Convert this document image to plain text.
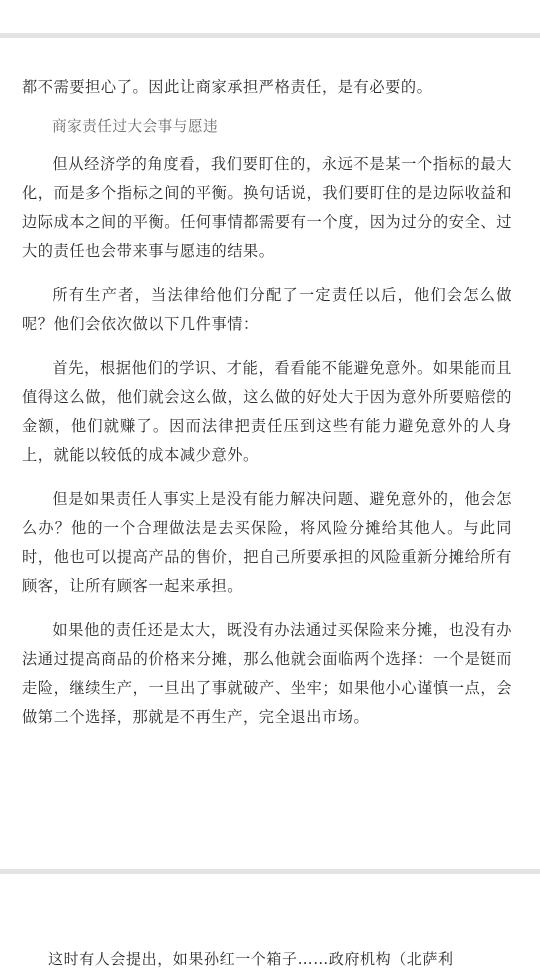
都不需要担心了。因此让商家承担严格责任，是有必要的。

商家责任过大会事与愿违

但从经济学的角度看，我们要盯住的，永远不是某一个指标的最大化，而是多个指标之间的平衡。换句话说，我们要盯住的是边际收益和边际成本之间的平衡。任何事情都需要有一个度，因为过分的安全、过大的责任也会带来事与愿违的结果。

所有生产者，当法律给他们分配了一定责任以后，他们会怎么做呢？他们会依次做以下几件事情：

首先，根据他们的学识、才能，看看能不能避免意外。如果能而且值得这么做，他们就会这么做，这么做的好处大于因为意外所要赔偿的金额，他们就赚了。因而法律把责任压到这些有能力避免意外的人身上，就能以较低的成本减少意外。

但是如果责任人事实上是没有能力解决问题、避免意外的，他会怎么办？他的一个合理做法是去买保险，将风险分摊给其他人。与此同时，他也可以提高产品的售价，把自己所要承担的风险重新分摊给所有顾客，让所有顾客一起来承担。

如果他的责任还是太大，既没有办法通过买保险来分摊，也没有办法通过提高商品的价格来分摊，那么他就会面临两个选择：一个是铤而走险，继续生产，一旦出了事就破产、坐牢；如果他小心谨慎一点，会做第二个选择，那就是不再生产，完全退出市场。

这时有人会提出，如果孙红一个箱子……政府机构（北萨利
